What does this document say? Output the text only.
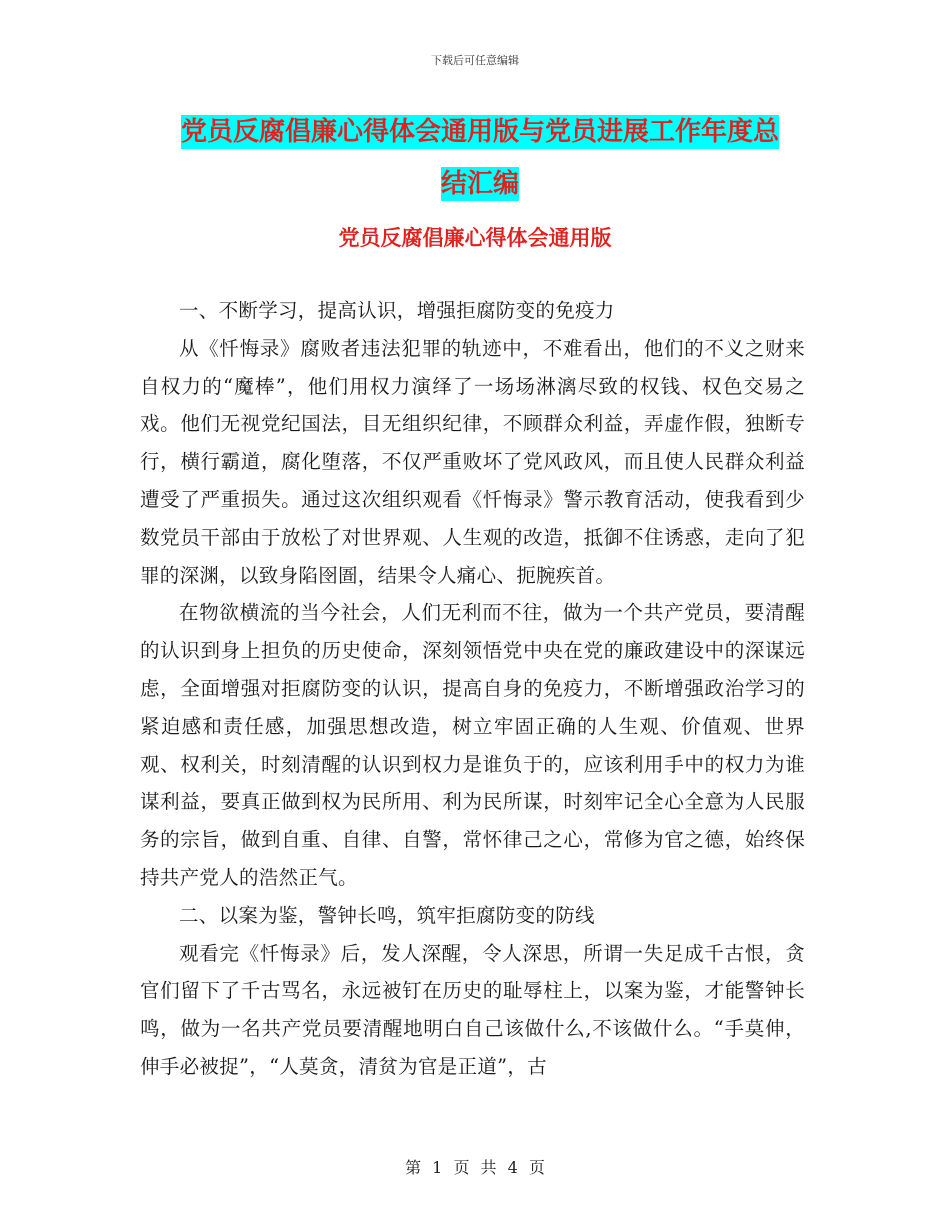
下载后可任意编辑
党员反腐倡廉心得体会通用版与党员进展工作年度总
结汇编
党员反腐倡廉心得体会通用版

一、不断学习，提高认识，增强拒腐防变的免疫力

从《忏悔录》腐败者违法犯罪的轨迹中，不难看出，他们的不义之财来自权力的“魔棒”，他们用权力演绎了一场场淋漓尽致的权钱、权色交易之戏。他们无视党纪国法，目无组织纪律，不顾群众利益，弄虚作假，独断专行，横行霸道，腐化堕落，不仅严重败坏了党风政风，而且使人民群众利益遭受了严重损失。通过这次组织观看《忏悔录》警示教育活动，使我看到少数党员干部由于放松了对世界观、人生观的改造，抵御不住诱惑，走向了犯罪的深渊，以致身陷囹圄，结果令人痛心、扼腕疾首。

在物欲横流的当今社会，人们无利而不往，做为一个共产党员，要清醒的认识到身上担负的历史使命，深刻领悟党中央在党的廉政建设中的深谋远虑，全面增强对拒腐防变的认识，提高自身的免疫力，不断增强政治学习的紧迫感和责任感，加强思想改造，树立牢固正确的人生观、价值观、世界观、权利关，时刻清醒的认识到权力是谁负于的，应该利用手中的权力为谁谋利益，要真正做到权为民所用、利为民所谋，时刻牢记全心全意为人民服务的宗旨，做到自重、自律、自警，常怀律己之心，常修为官之德，始终保持共产党人的浩然正气。

二、以案为鉴，警钟长鸣，筑牢拒腐防变的防线

观看完《忏悔录》后，发人深醒，令人深思，所谓一失足成千古恨，贪官们留下了千古骂名，永远被钉在历史的耻辱柱上，以案为鉴，才能警钟长鸣，做为一名共产党员要清醒地明白自己该做什么,不该做什么。“手莫伸，伸手必被捉”，“人莫贪，清贫为官是正道”，古

第 1 页 共 4 页
